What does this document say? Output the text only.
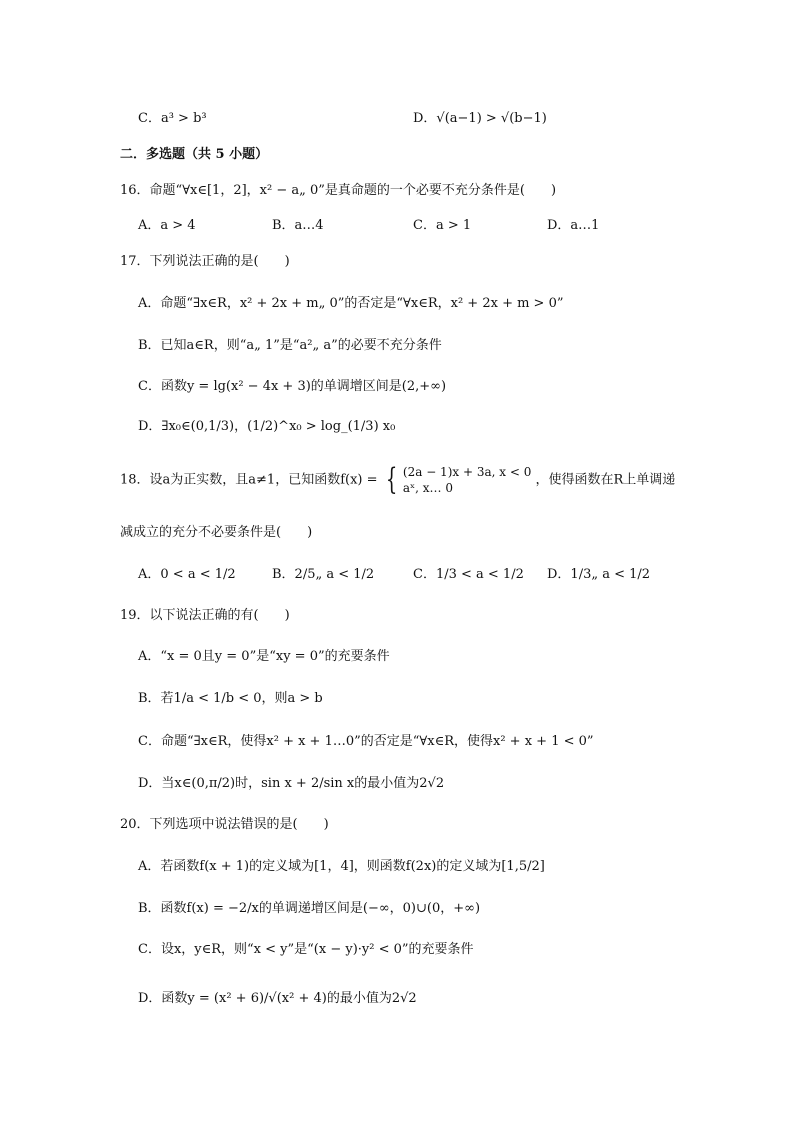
C．a³ > b³	D．√(a−1) > √(b−1)
二．多选题（共 5 小题）
16．命题“∀x∈[1，2]，x² − a„ 0”是真命题的一个必要不充分条件是(　　)
A．a > 4	B．a…4	C．a > 1	D．a…1
17．下列说法正确的是(　　)
A．命题“∃x∈R，x² + 2x + m„ 0”的否定是“∀x∈R，x² + 2x + m > 0”
B．已知a∈R，则“a„ 1”是“a²„ a”的必要不充分条件
C．函数y = lg(x² − 4x + 3)的单调增区间是(2,+∞)
D．∃x₀∈(0,1/3)，(1/2)^x₀ > log_(1/3) x₀
18．设a为正实数，且a≠1，已知函数f(x) = { (2a − 1)x + 3a, x < 0
aˣ, x… 0
，使得函数在R上单调递
减成立的充分不必要条件是(　　)
A．0 < a < 1/2	B．2/5„ a < 1/2	C．1/3 < a < 1/2 D．1/3„ a < 1/2
19．以下说法正确的有(　　)
A．“x = 0且y = 0”是“xy = 0”的充要条件
B．若1/a < 1/b < 0，则a > b
C．命题“∃x∈R，使得x² + x + 1…0”的否定是“∀x∈R，使得x² + x + 1 < 0”
D．当x∈(0,π/2)时，sin x + 2/sin x的最小值为2√2
20．下列选项中说法错误的是(　　)
A．若函数f(x + 1)的定义域为[1，4]，则函数f(2x)的定义域为[1,5/2]
B．函数f(x) = −2/x的单调递增区间是(−∞，0)∪(0，+∞)
C．设x，y∈R，则“x < y”是“(x − y)·y² < 0”的充要条件
D．函数y = (x² + 6)/√(x² + 4)的最小值为2√2
